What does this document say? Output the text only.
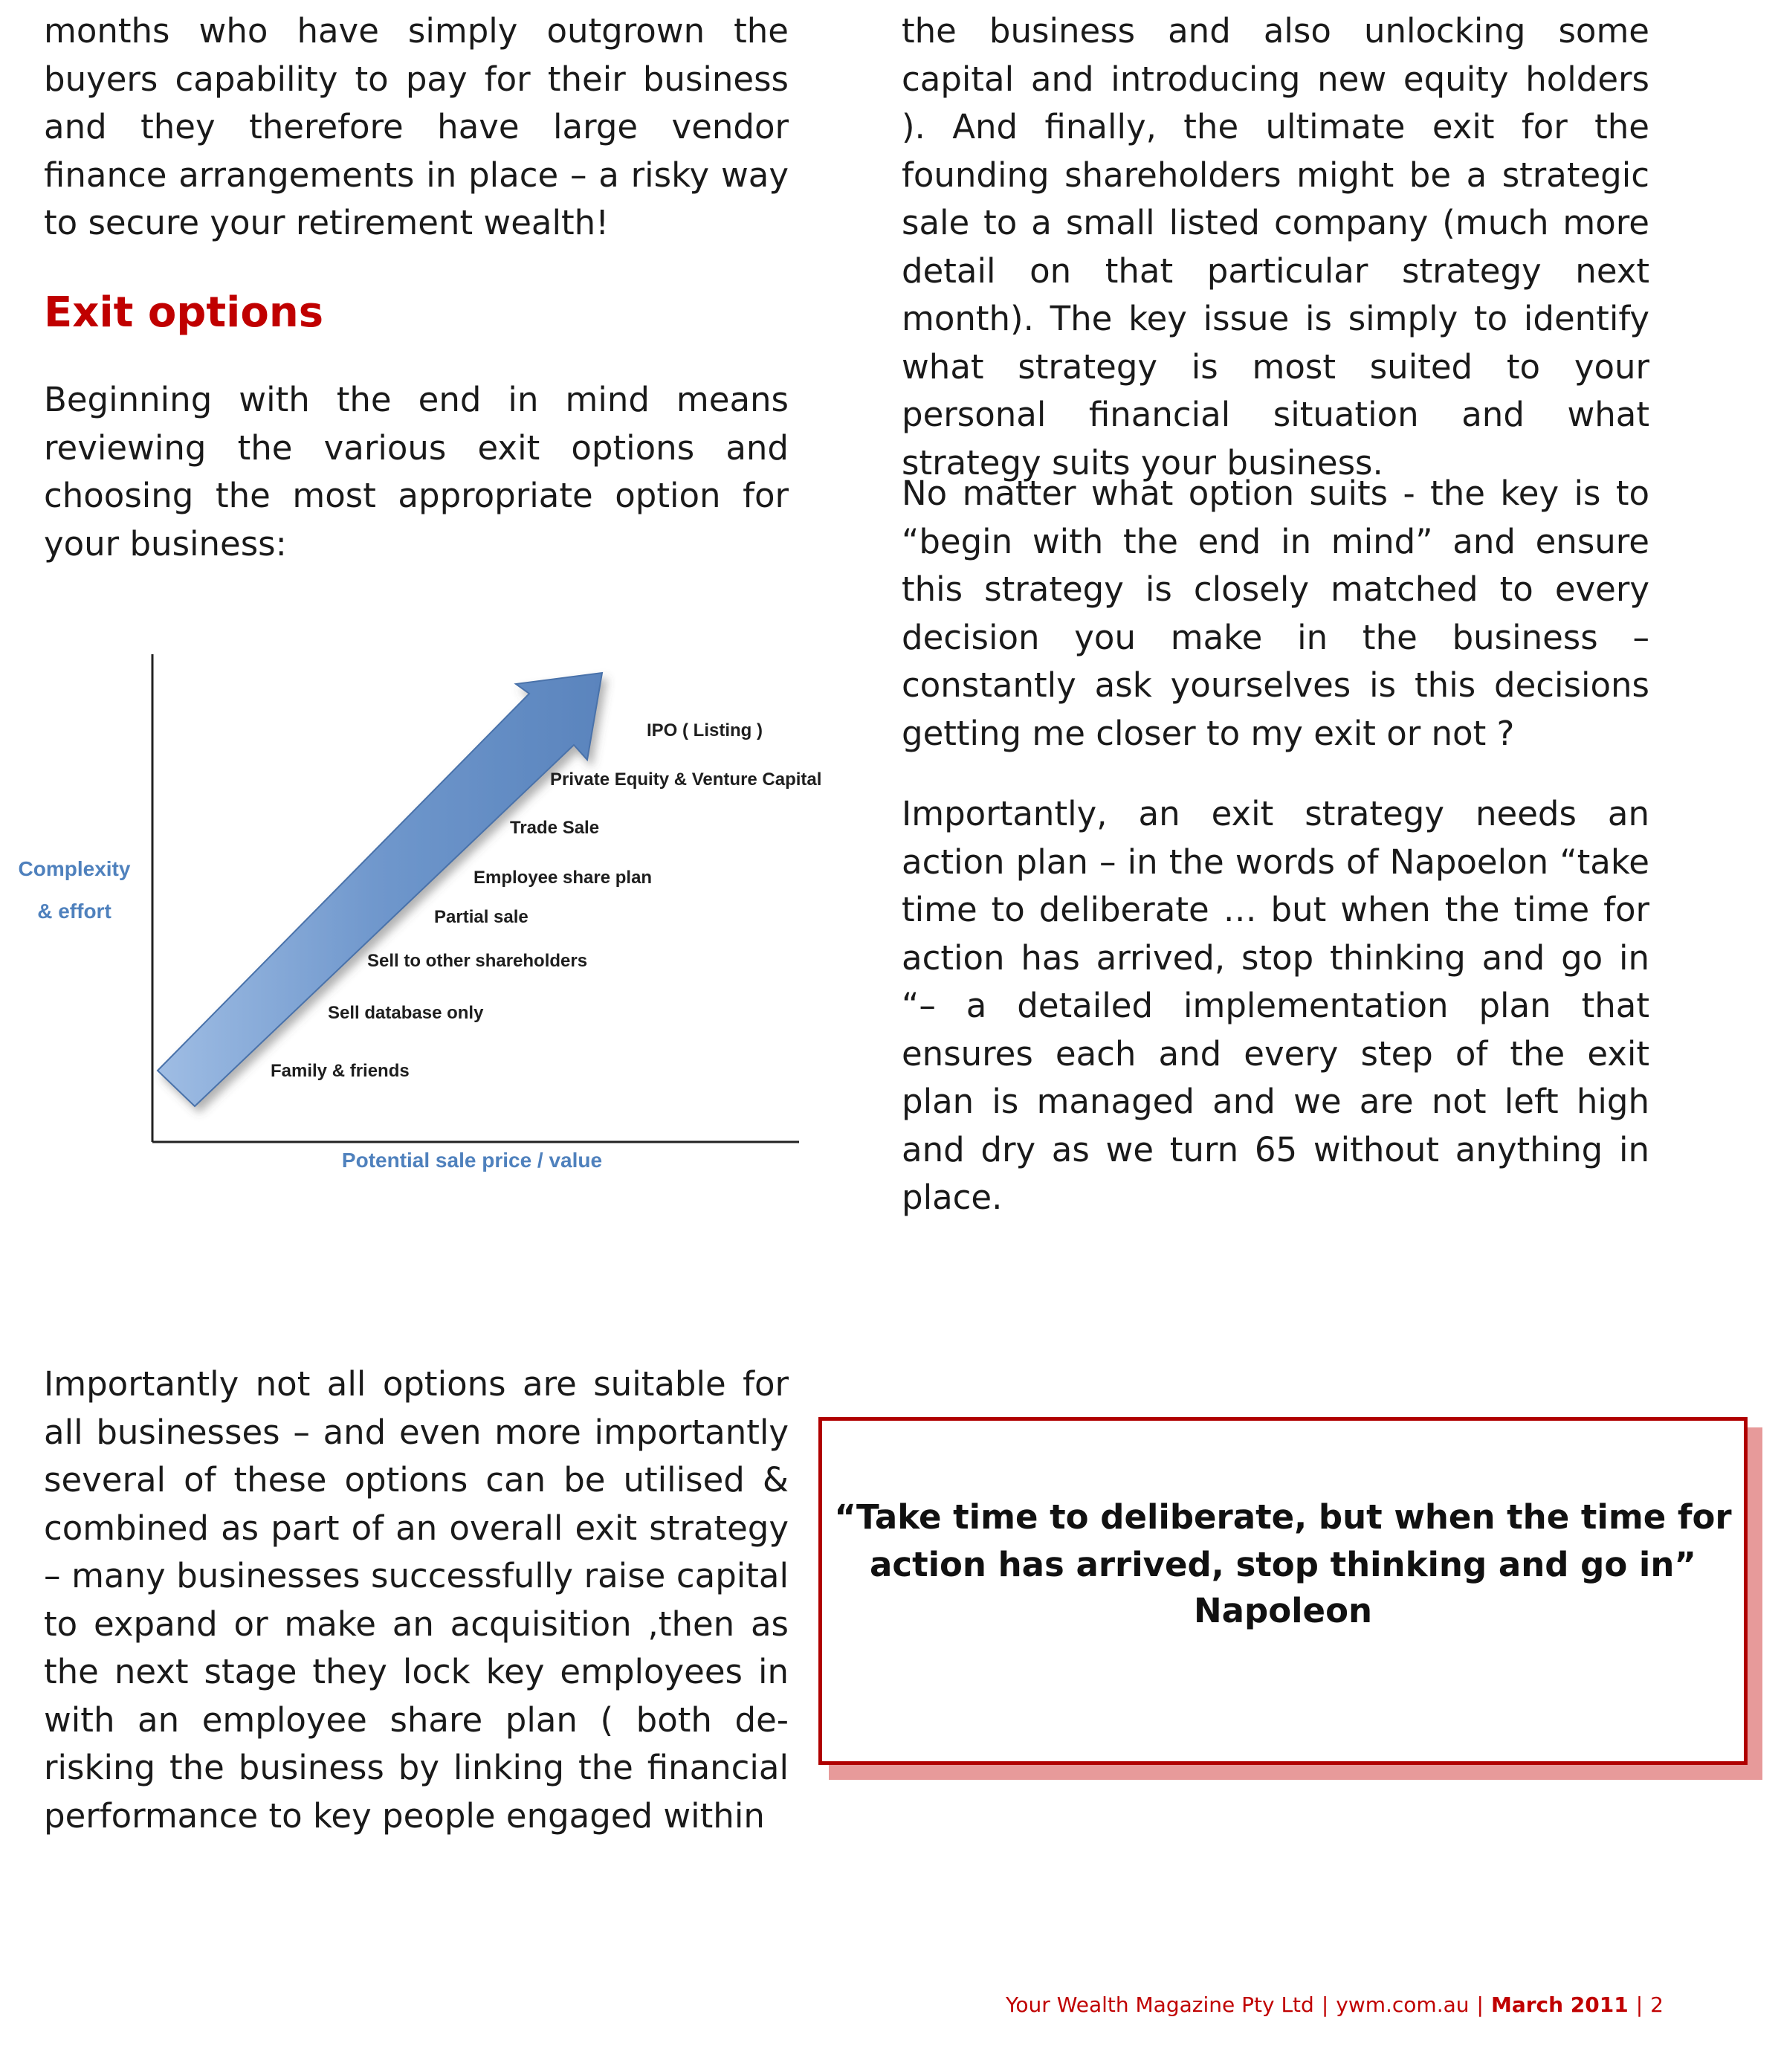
months who have simply outgrown the buyers capability to pay for their business and they therefore have large vendor finance arrangements in place – a risky way to secure your retirement wealth!

Exit options

Beginning with the end in mind means reviewing the various exit options and choosing the most appropriate option for your business:

Family & friends
Sell database only
Sell to other shareholders
Partial sale
Employee share plan
Trade Sale
Private Equity & Venture Capital
IPO ( Listing )
Complexity
& effort
Potential sale price / value

Importantly not all options are suitable for all businesses – and even more importantly several of these options can be utilised & combined as part of an overall exit strategy – many businesses successfully raise capital to expand or make an acquisition ,then as the next stage they lock key employees in with an employee share plan ( both de-risking the business by linking the financial performance to key people engaged within

the business and also unlocking some capital and introducing new equity holders ). And finally, the ultimate exit for the founding shareholders might be a strategic sale to a small listed company (much more detail on that particular strategy next month). The key issue is simply to identify what strategy is most suited to your personal financial situation and what strategy suits your business.

No matter what option suits - the key is to “begin with the end in mind” and ensure this strategy is closely matched to every decision you make in the business – constantly ask yourselves is this decisions getting me closer to my exit or not ?

Importantly, an exit strategy needs an action plan – in the words of Napoelon “take time to deliberate … but when the time for action has arrived, stop thinking and go in “– a detailed implementation plan that ensures each and every step of the exit plan is managed and we are not left high and dry as we turn 65 without anything in place.

“Take time to deliberate, but when the time for
action has arrived, stop thinking and go in”
Napoleon
Your Wealth Magazine Pty Ltd | ywm.com.au | March 2011 | 2
